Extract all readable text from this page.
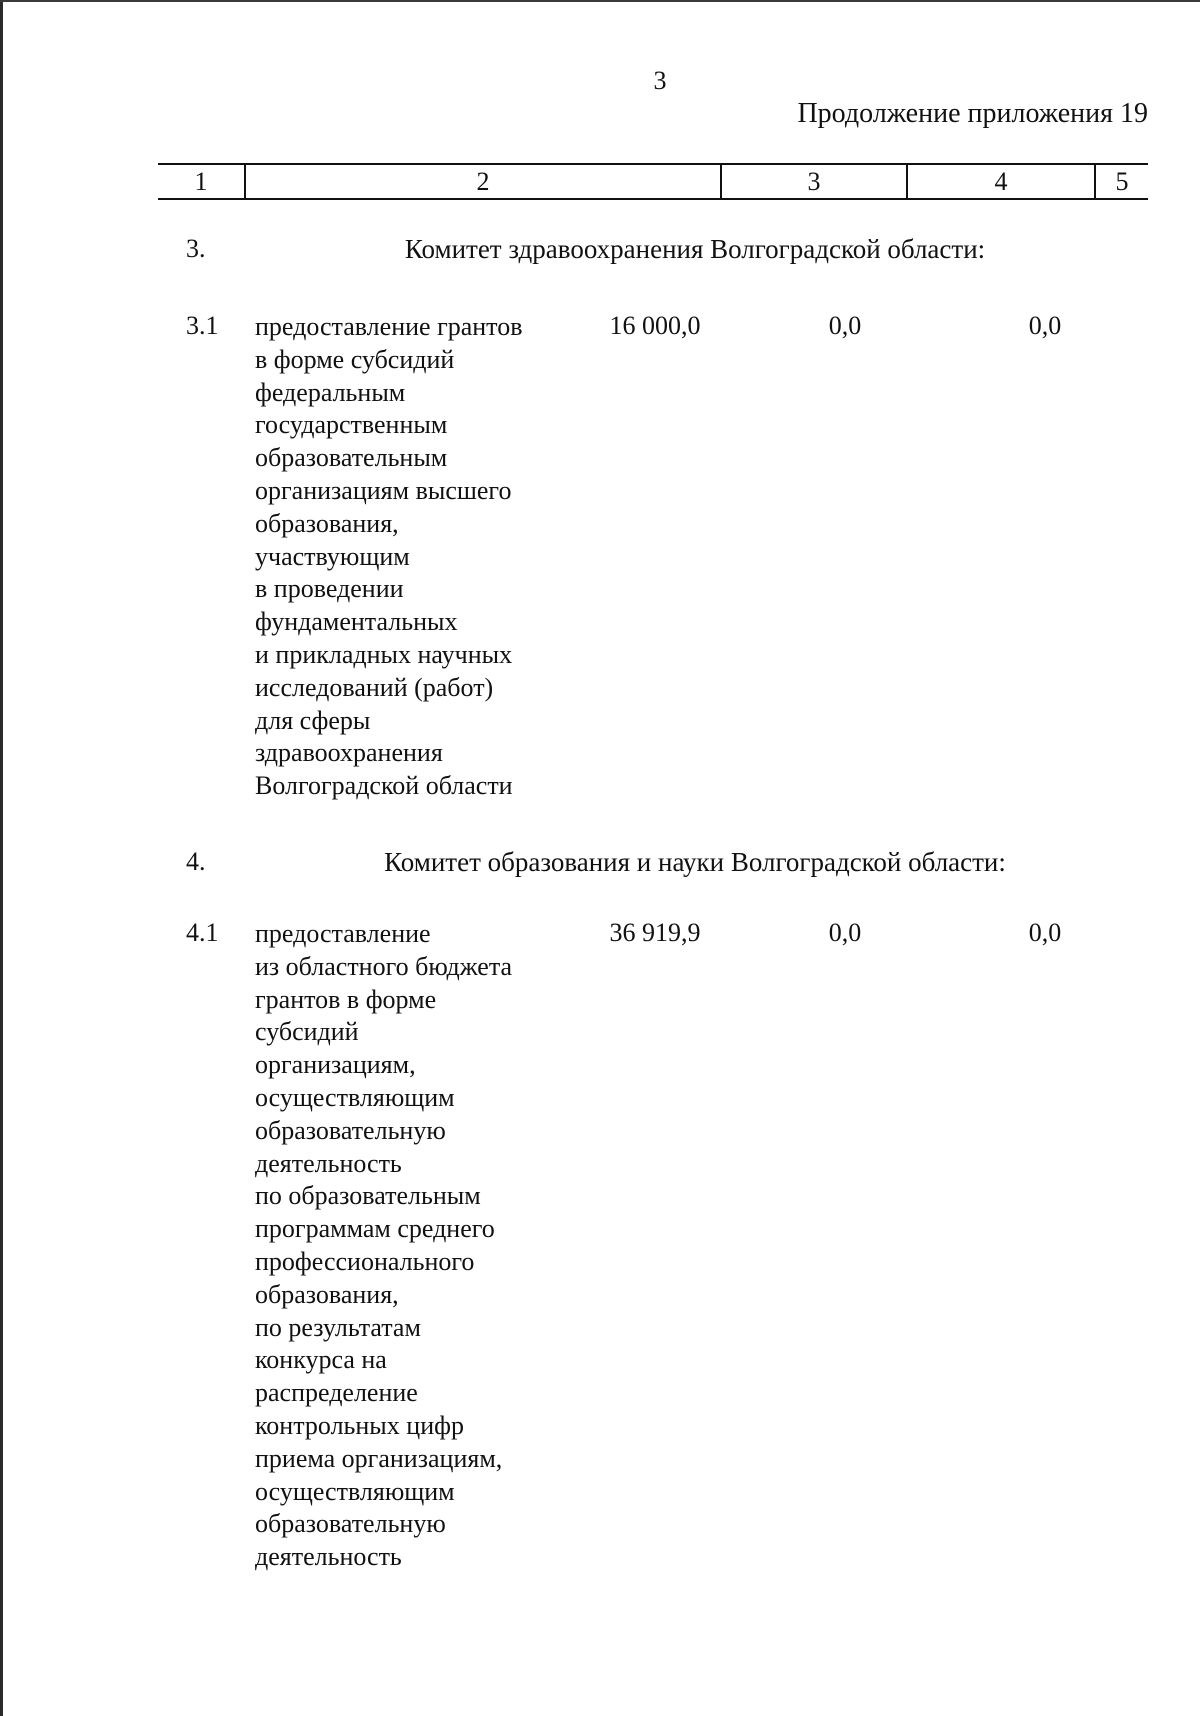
3
Продолжение приложения 19
1	2	3	4	5
3.	Комитет здравоохранения Волгоградской области:
3.1 предоставление грантов
в форме субсидий
федеральным
государственным
образовательным
организациям высшего
образования,
участвующим
в проведении
фундаментальных
и прикладных научных
исследований (работ)
для сферы
здравоохранения
Волгоградской области
16 000,0	0,0	0,0
4.	Комитет образования и науки Волгоградской области:
4.1 предоставление
из областного бюджета
грантов в форме
субсидий
организациям,
осуществляющим
образовательную
деятельность
по образовательным
программам среднего
профессионального
образования,
по результатам
конкурса на
распределение
контрольных цифр
приема организациям,
осуществляющим
образовательную
деятельность
36 919,9	0,0	0,0
